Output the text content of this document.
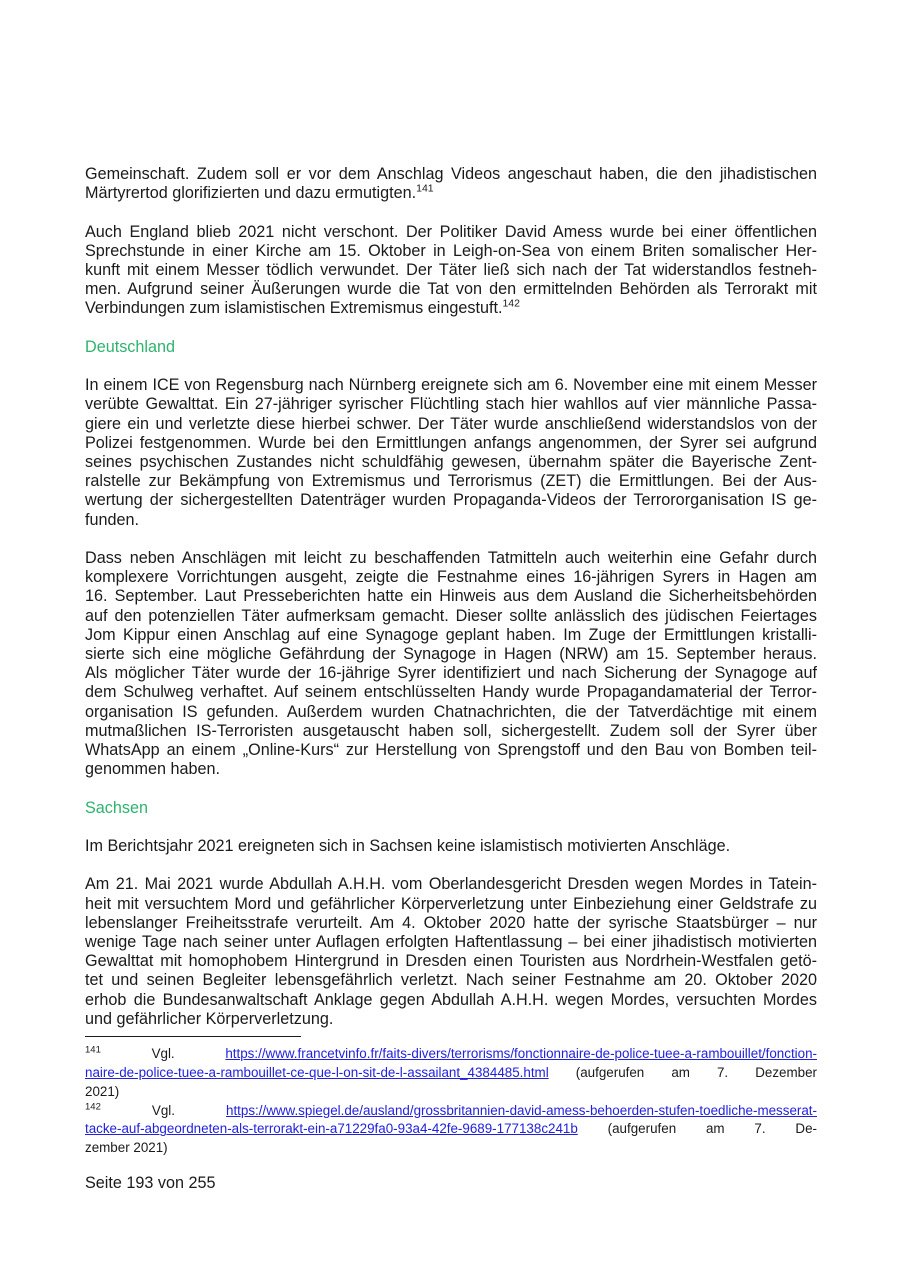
Gemeinschaft. Zudem soll er vor dem Anschlag Videos angeschaut haben, die den jihadistischen
Märtyrertod glorifizierten und dazu ermutigten.$^{141}$
Auch England blieb 2021 nicht verschont. Der Politiker David Amess wurde bei einer öffentlichen
Sprechstunde in einer Kirche am 15. Oktober in Leigh-on-Sea von einem Briten somalischer Her-
kunft mit einem Messer tödlich verwundet. Der Täter ließ sich nach der Tat widerstandlos festneh-
men. Aufgrund seiner Äußerungen wurde die Tat von den ermittelnden Behörden als Terrorakt mit
Verbindungen zum islamistischen Extremismus eingestuft.$^{142}$
Deutschland
In einem ICE von Regensburg nach Nürnberg ereignete sich am 6. November eine mit einem Messer
verübte Gewalttat. Ein 27-jähriger syrischer Flüchtling stach hier wahllos auf vier männliche Passa-
giere ein und verletzte diese hierbei schwer. Der Täter wurde anschließend widerstandslos von der
Polizei festgenommen. Wurde bei den Ermittlungen anfangs angenommen, der Syrer sei aufgrund
seines psychischen Zustandes nicht schuldfähig gewesen, übernahm später die Bayerische Zent-
ralstelle zur Bekämpfung von Extremismus und Terrorismus (ZET) die Ermittlungen. Bei der Aus-
wertung der sichergestellten Datenträger wurden Propaganda-Videos der Terrororganisation IS ge-
funden.
Dass neben Anschlägen mit leicht zu beschaffenden Tatmitteln auch weiterhin eine Gefahr durch
komplexere Vorrichtungen ausgeht, zeigte die Festnahme eines 16-jährigen Syrers in Hagen am
16. September. Laut Presseberichten hatte ein Hinweis aus dem Ausland die Sicherheitsbehörden
auf den potenziellen Täter aufmerksam gemacht. Dieser sollte anlässlich des jüdischen Feiertages
Jom Kippur einen Anschlag auf eine Synagoge geplant haben. Im Zuge der Ermittlungen kristalli-
sierte sich eine mögliche Gefährdung der Synagoge in Hagen (NRW) am 15. September heraus.
Als möglicher Täter wurde der 16-jährige Syrer identifiziert und nach Sicherung der Synagoge auf
dem Schulweg verhaftet. Auf seinem entschlüsselten Handy wurde Propagandamaterial der Terror-
organisation IS gefunden. Außerdem wurden Chatnachrichten, die der Tatverdächtige mit einem
mutmaßlichen IS-Terroristen ausgetauscht haben soll, sichergestellt. Zudem soll der Syrer über
WhatsApp an einem „Online-Kurs“ zur Herstellung von Sprengstoff und den Bau von Bomben teil-
genommen haben.
Sachsen
Im Berichtsjahr 2021 ereigneten sich in Sachsen keine islamistisch motivierten Anschläge.
Am 21. Mai 2021 wurde Abdullah A.H.H. vom Oberlandesgericht Dresden wegen Mordes in Tatein-
heit mit versuchtem Mord und gefährlicher Körperverletzung unter Einbeziehung einer Geldstrafe zu
lebenslanger Freiheitsstrafe verurteilt. Am 4. Oktober 2020 hatte der syrische Staatsbürger – nur
wenige Tage nach seiner unter Auflagen erfolgten Haftentlassung – bei einer jihadistisch motivierten
Gewalttat mit homophobem Hintergrund in Dresden einen Touristen aus Nordrhein-Westfalen getö-
tet und seinen Begleiter lebensgefährlich verletzt. Nach seiner Festnahme am 20. Oktober 2020
erhob die Bundesanwaltschaft Anklage gegen Abdullah A.H.H. wegen Mordes, versuchten Mordes
und gefährlicher Körperverletzung.
$^{141}$	Vgl. https://www.francetvinfo.fr/faits-divers/terrorisms/fonctionnaire-de-police-tuee-a-rambouillet/fonction-
naire-de-police-tuee-a-rambouillet-ce-que-l-on-sit-de-l-assailant_4384485.html (aufgerufen am 7. Dezember
2021)
$^{142}$	Vgl. https://www.spiegel.de/ausland/grossbritannien-david-amess-behoerden-stufen-toedliche-messerat-
tacke-auf-abgeordneten-als-terrorakt-ein-a71229fa0-93a4-42fe-9689-177138c241b (aufgerufen am 7. De-
zember 2021)
Seite 193 von 255
